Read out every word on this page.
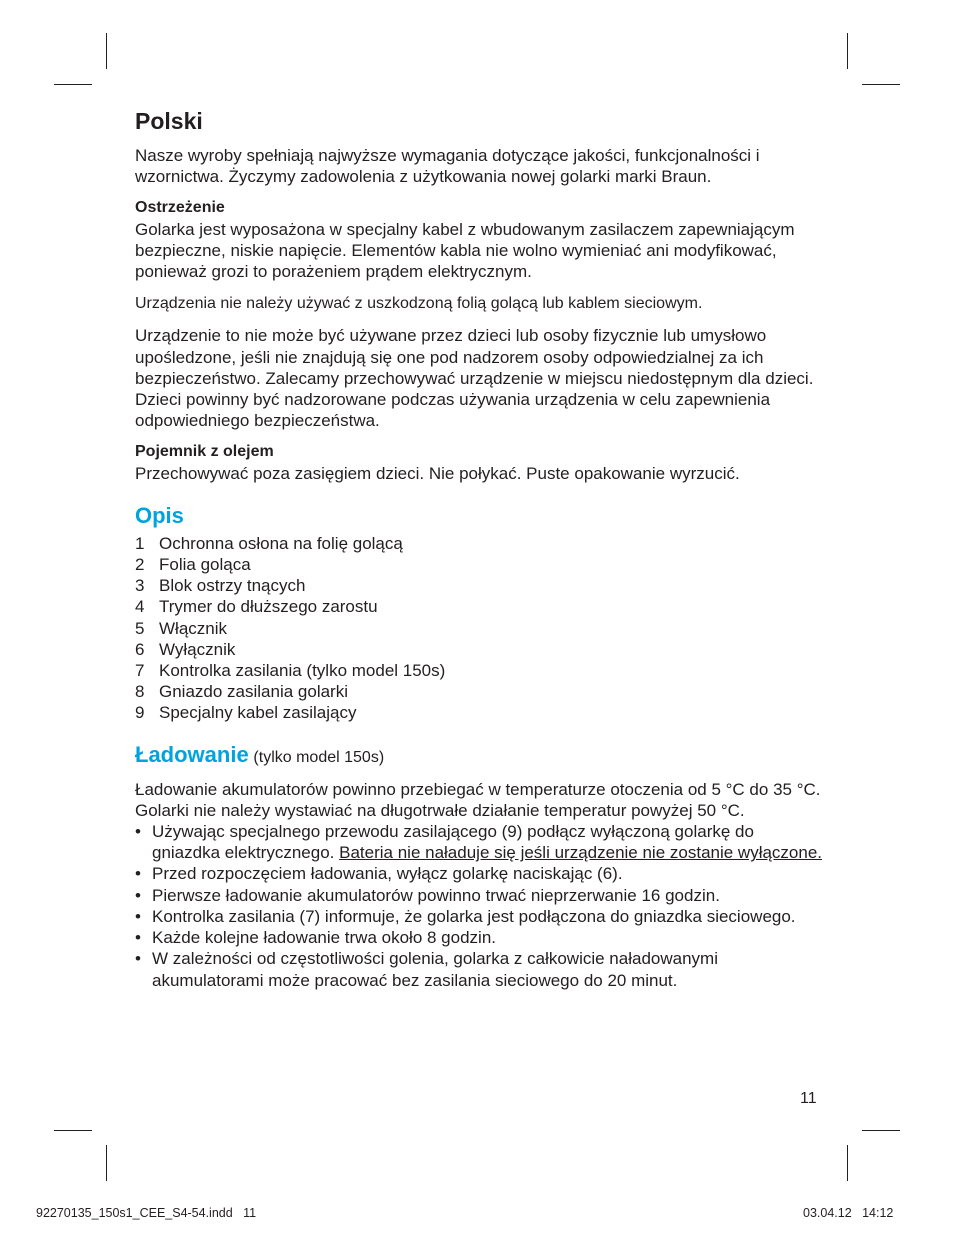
Polski

Nasze wyroby spełniają najwyższe wymagania dotyczące jakości, funkcjonalności i wzornictwa. Życzymy zadowolenia z użytkowania nowej golarki marki Braun.

Ostrzeżenie

Golarka jest wyposażona w specjalny kabel z wbudowanym zasilaczem zapewniającym bezpieczne, niskie napięcie. Elementów kabla nie wolno wymieniać ani modyfikować, ponieważ grozi to porażeniem prądem elektrycznym.

Urządzenia nie należy używać z uszkodzoną folią golącą lub kablem sieciowym.

Urządzenie to nie może być używane przez dzieci lub osoby fizycznie lub umysłowo upośledzone, jeśli nie znajdują się one pod nadzorem osoby odpowiedzialnej za ich bezpieczeństwo. Zalecamy przechowywać urządzenie w miejscu niedostępnym dla dzieci. Dzieci powinny być nadzorowane podczas używania urządzenia w celu zapewnienia odpowiedniego bezpieczeństwa.

Pojemnik z olejem

Przechowywać poza zasięgiem dzieci. Nie połykać. Puste opakowanie wyrzucić.

Opis
1 Ochronna osłona na folię golącą
2 Folia goląca
3 Blok ostrzy tnących
4 Trymer do dłuższego zarostu
5 Włącznik
6 Wyłącznik
7 Kontrolka zasilania (tylko model 150s)
8 Gniazdo zasilania golarki
9 Specjalny kabel zasilający
Ładowanie (tylko model 150s)

Ładowanie akumulatorów powinno przebiegać w temperaturze otoczenia od 5 °C do 35 °C. Golarki nie należy wystawiać na długotrwałe działanie temperatur powyżej 50 °C.

• Używając specjalnego przewodu zasilającego (9) podłącz wyłączoną golarkę do gniazdka elektrycznego. Bateria nie naładuje się jeśli urządzenie nie zostanie wyłączone.
• Przed rozpoczęciem ładowania, wyłącz golarkę naciskając (6).
• Pierwsze ładowanie akumulatorów powinno trwać nieprzerwanie 16 godzin.
• Kontrolka zasilania (7) informuje, że golarka jest podłączona do gniazdka sieciowego.
• Każde kolejne ładowanie trwa około 8 godzin.
• W zależności od częstotliwości golenia, golarka z całkowicie naładowanymi akumulatorami może pracować bez zasilania sieciowego do 20 minut.
11
92270135_150s1_CEE_S4-54.indd   11	03.04.12   14:12
